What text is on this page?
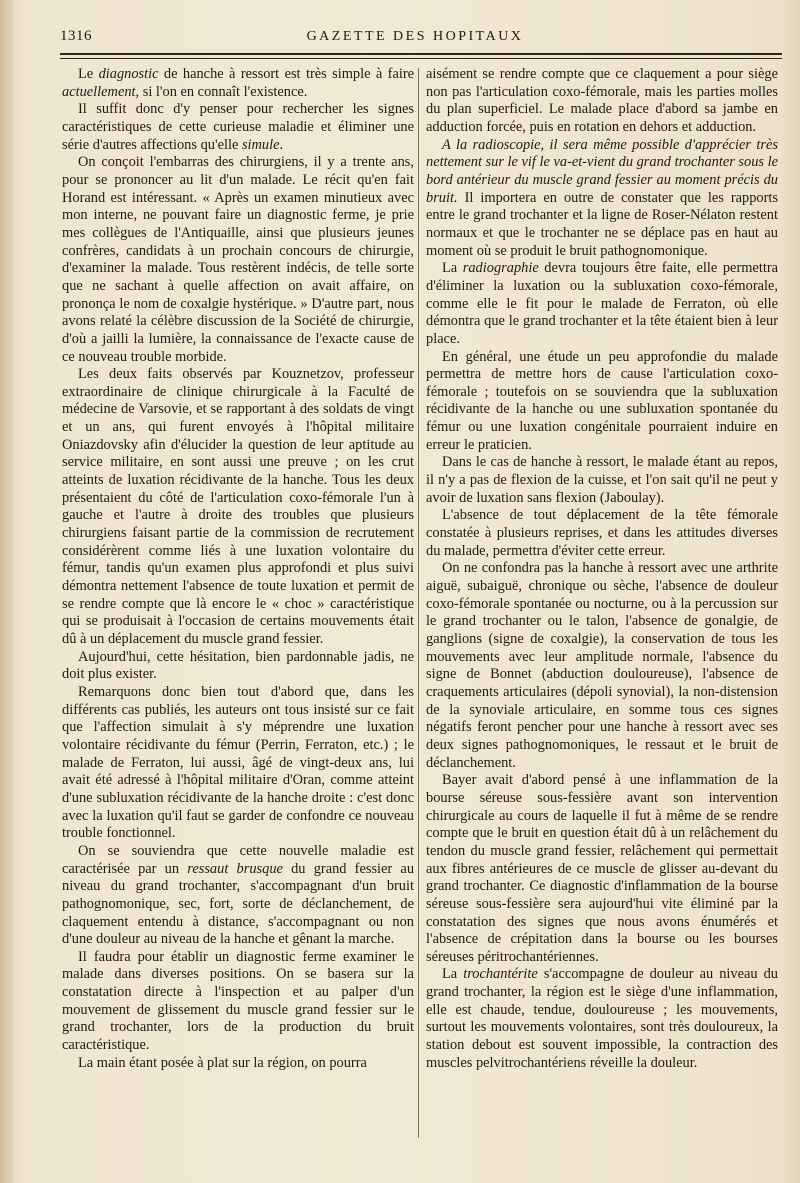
1316	GAZETTE DES HOPITAUX

Le diagnostic de hanche à ressort est très simple à faire actuellement, si l'on en connaît l'existence.

Il suffit donc d'y penser pour rechercher les signes caractéristiques de cette curieuse maladie et éliminer une série d'autres affections qu'elle simule.

On conçoit l'embarras des chirurgiens, il y a trente ans, pour se prononcer au lit d'un malade. Le récit qu'en fait Horand est intéressant. « Après un examen minutieux avec mon interne, ne pouvant faire un diagnostic ferme, je prie mes collègues de l'Antiquaille, ainsi que plusieurs jeunes confrères, candidats à un prochain concours de chirurgie, d'examiner la malade. Tous restèrent indécis, de telle sorte que ne sachant à quelle affection on avait affaire, on prononça le nom de coxalgie hystérique. » D'autre part, nous avons relaté la célèbre discussion de la Société de chirurgie, d'où a jailli la lumière, la connaissance de l'exacte cause de ce nouveau trouble morbide.

Les deux faits observés par Kouznetzov, professeur extraordinaire de clinique chirurgicale à la Faculté de médecine de Varsovie, et se rapportant à des soldats de vingt et un ans, qui furent envoyés à l'hôpital militaire Oniazdovsky afin d'élucider la question de leur aptitude au service militaire, en sont aussi une preuve ; on les crut atteints de luxation récidivante de la hanche. Tous les deux présentaient du côté de l'articulation coxo-fémorale l'un à gauche et l'autre à droite des troubles que plusieurs chirurgiens faisant partie de la commission de recrutement considérèrent comme liés à une luxation volontaire du fémur, tandis qu'un examen plus approfondi et plus suivi démontra nettement l'absence de toute luxation et permit de se rendre compte que là encore le « choc » caractéristique qui se produisait à l'occasion de certains mouvements était dû à un déplacement du muscle grand fessier.

Aujourd'hui, cette hésitation, bien pardonnable jadis, ne doit plus exister.

Remarquons donc bien tout d'abord que, dans les différents cas publiés, les auteurs ont tous insisté sur ce fait que l'affection simulait à s'y méprendre une luxation volontaire récidivante du fémur (Perrin, Ferraton, etc.) ; le malade de Ferraton, lui aussi, âgé de vingt-deux ans, lui avait été adressé à l'hôpital militaire d'Oran, comme atteint d'une subluxation récidivante de la hanche droite : c'est donc avec la luxation qu'il faut se garder de confondre ce nouveau trouble fonctionnel.

On se souviendra que cette nouvelle maladie est caractérisée par un ressaut brusque du grand fessier au niveau du grand trochanter, s'accompagnant d'un bruit pathognomonique, sec, fort, sorte de déclanchement, de claquement entendu à distance, s'accompagnant ou non d'une douleur au niveau de la hanche et gênant la marche.

Il faudra pour établir un diagnostic ferme examiner le malade dans diverses positions. On se basera sur la constatation directe à l'inspection et au palper d'un mouvement de glissement du muscle grand fessier sur le grand trochanter, lors de la production du bruit caractéristique.

La main étant posée à plat sur la région, on pourra

aisément se rendre compte que ce claquement a pour siège non pas l'articulation coxo-fémorale, mais les parties molles du plan superficiel. Le malade place d'abord sa jambe en adduction forcée, puis en rotation en dehors et adduction.

A la radioscopie, il sera même possible d'apprécier très nettement sur le vif le va-et-vient du grand trochanter sous le bord antérieur du muscle grand fessier au moment précis du bruit. Il importera en outre de constater que les rapports entre le grand trochanter et la ligne de Roser-Nélaton restent normaux et que le trochanter ne se déplace pas en haut au moment où se produit le bruit pathognomonique.

La radiographie devra toujours être faite, elle permettra d'éliminer la luxation ou la subluxation coxo-fémorale, comme elle le fit pour le malade de Ferraton, où elle démontra que le grand trochanter et la tête étaient bien à leur place.

En général, une étude un peu approfondie du malade permettra de mettre hors de cause l'articulation coxo-fémorale ; toutefois on se souviendra que la subluxation récidivante de la hanche ou une subluxation spontanée du fémur ou une luxation congénitale pourraient induire en erreur le praticien.

Dans le cas de hanche à ressort, le malade étant au repos, il n'y a pas de flexion de la cuisse, et l'on sait qu'il ne peut y avoir de luxation sans flexion (Jaboulay).

L'absence de tout déplacement de la tête fémorale constatée à plusieurs reprises, et dans les attitudes diverses du malade, permettra d'éviter cette erreur.

On ne confondra pas la hanche à ressort avec une arthrite aiguë, subaiguë, chronique ou sèche, l'absence de douleur coxo-fémorale spontanée ou nocturne, ou à la percussion sur le grand trochanter ou le talon, l'absence de gonalgie, de ganglions (signe de coxalgie), la conservation de tous les mouvements avec leur amplitude normale, l'absence du signe de Bonnet (abduction douloureuse), l'absence de craquements articulaires (dépoli synovial), la non-distension de la synoviale articulaire, en somme tous ces signes négatifs feront pencher pour une hanche à ressort avec ses deux signes pathognomoniques, le ressaut et le bruit de déclanchement.

Bayer avait d'abord pensé à une inflammation de la bourse séreuse sous-fessière avant son intervention chirurgicale au cours de laquelle il fut à même de se rendre compte que le bruit en question était dû à un relâchement du tendon du muscle grand fessier, relâchement qui permettait aux fibres antérieures de ce muscle de glisser au-devant du grand trochanter. Ce diagnostic d'inflammation de la bourse séreuse sous-fessière sera aujourd'hui vite éliminé par la constatation des signes que nous avons énumérés et l'absence de crépitation dans la bourse ou les bourses séreuses péritrochantériennes.

La trochantérite s'accompagne de douleur au niveau du grand trochanter, la région est le siège d'une inflammation, elle est chaude, tendue, douloureuse ; les mouvements, surtout les mouvements volontaires, sont très douloureux, la station debout est souvent impossible, la contraction des muscles pelvitrochantériens réveille la douleur.
